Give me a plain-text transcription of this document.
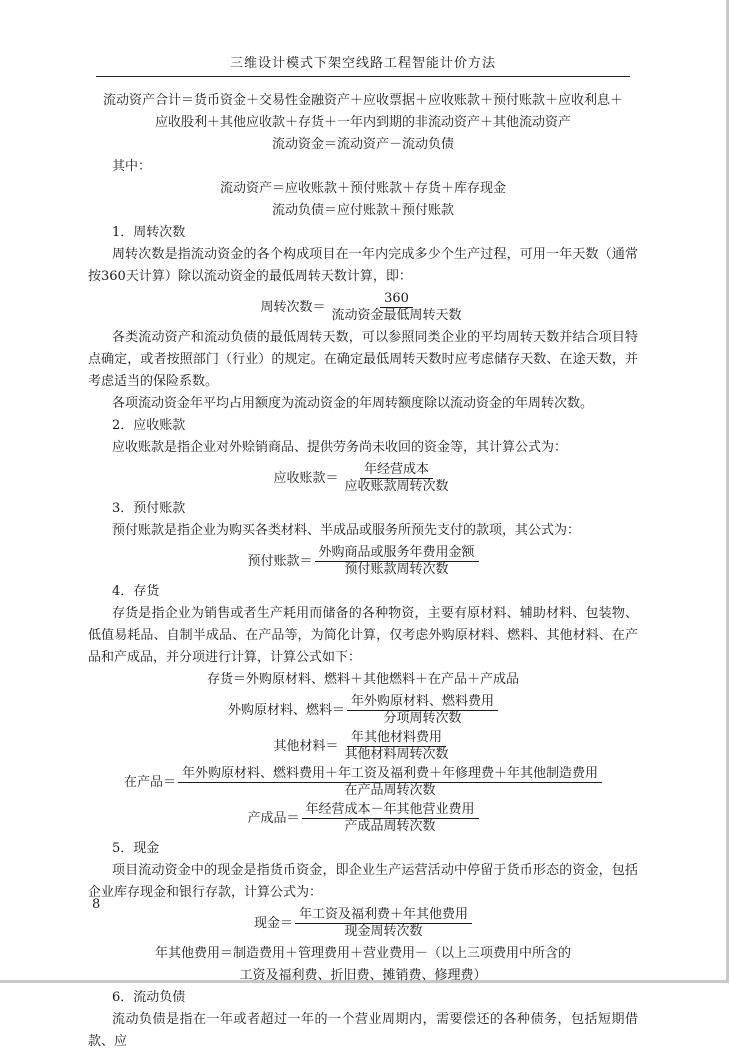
三维设计模式下架空线路工程智能计价方法
流动资产合计＝货币资金＋交易性金融资产＋应收票据＋应收账款＋预付账款＋应收利息＋
应收股利＋其他应收款＋存货＋一年内到期的非流动资产＋其他流动资产
流动资金＝流动资产－流动负债
其中：
流动资产＝应收账款＋预付账款＋存货＋库存现金
流动负债＝应付账款＋预付账款
1．周转次数
周转次数是指流动资金的各个构成项目在一年内完成多少个生产过程，可用一年天数（通常按360天计算）除以流动资金的最低周转天数计算，即：
周转次数＝ $\frac{360}{\text{流动资金最低周转天数}}$
各类流动资产和流动负债的最低周转天数，可以参照同类企业的平均周转天数并结合项目特点确定，或者按照部门（行业）的规定。在确定最低周转天数时应考虑储存天数、在途天数，并考虑适当的保险系数。
各项流动资金年平均占用额度为流动资金的年周转额度除以流动资金的年周转次数。
2．应收账款
应收账款是指企业对外赊销商品、提供劳务尚未收回的资金等，其计算公式为：
应收账款＝ $\frac{\text{年经营成本}}{\text{应收账款周转次数}}$
3．预付账款
预付账款是指企业为购买各类材料、半成品或服务所预先支付的款项，其公式为：
预付账款＝ $\frac{\text{外购商品或服务年费用金额}}{\text{预付账款周转次数}}$
4．存货
存货是指企业为销售或者生产耗用而储备的各种物资，主要有原材料、辅助材料、包装物、低值易耗品、自制半成品、在产品等，为简化计算，仅考虑外购原材料、燃料、其他材料、在产品和产成品，并分项进行计算，计算公式如下：
存货＝外购原材料、燃料＋其他燃料＋在产品＋产成品
外购原材料、燃料＝ $\frac{\text{年外购原材料、燃料费用}}{\text{分项周转次数}}$
其他材料＝ $\frac{\text{年其他材料费用}}{\text{其他材料周转次数}}$
在产品＝ $\frac{\text{年外购原材料、燃料费用＋年工资及福利费＋年修理费＋年其他制造费用}}{\text{在产品周转次数}}$
产成品＝ $\frac{\text{年经营成本－年其他营业费用}}{\text{产成品周转次数}}$
5．现金
项目流动资金中的现金是指货币资金，即企业生产运营活动中停留于货币形态的资金，包括企业库存现金和银行存款，计算公式为：
现金＝ $\frac{\text{年工资及福利费＋年其他费用}}{\text{现金周转次数}}$
年其他费用＝制造费用＋管理费用＋营业费用－（以上三项费用中所含的
工资及福利费、折旧费、摊销费、修理费）
6．流动负债
流动负债是指在一年或者超过一年的一个营业周期内，需要偿还的各种债务，包括短期借款、应
8
